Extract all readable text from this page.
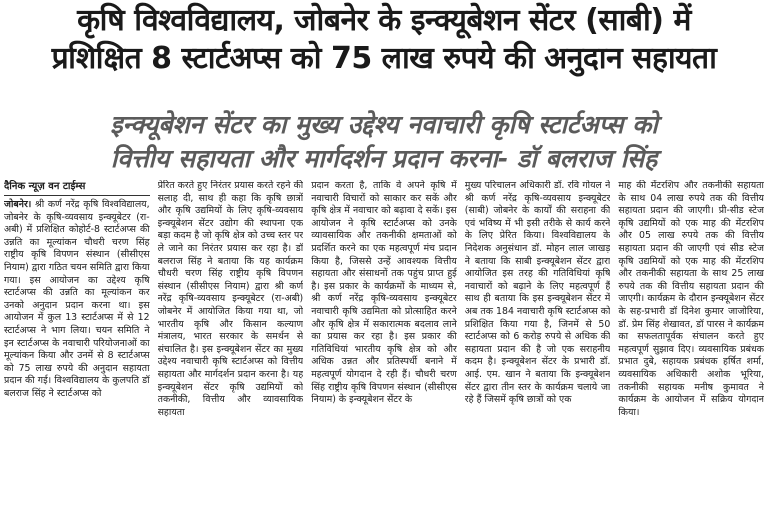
कृषि विश्वविद्यालय, जोबनेर के इन्क्यूबेशन सेंटर (साबी) में
प्रशिक्षित 8 स्टार्टअप्स को 75 लाख रुपये की अनुदान सहायता
इन्क्यूबेशन सेंटर का मुख्य उद्देश्य नवाचारी कृषि स्टार्टअप्स को
वित्तीय सहायता और मार्गदर्शन प्रदान करना- डॉ बलराज सिंह
दैनिक न्यूज़ वन टाईम्स

जोबनेर। श्री कर्ण नरेंद्र कृषि विश्वविद्यालय, जोबनेर के कृषि-व्यवसाय इन्क्यूबेटर (रा-अबी) में प्रशिक्षित कोहोर्ट-8 स्टार्टअप्स की उन्नति का मूल्यांकन चौधरी चरण सिंह राष्ट्रीय कृषि विपणन संस्थान (सीसीएस नियाम) द्वारा गठित चयन समिति द्वारा किया गया। इस आयोजन का उद्देश्य कृषि स्टार्टअप्स की उन्नति का मूल्यांकन कर उनको अनुदान प्रदान करना था। इस आयोजन में कुल 13 स्टार्टअप्स में से 12 स्टार्टअप्स ने भाग लिया। चयन समिति ने इन स्टार्टअप्स के नवाचारी परियोजनाओं का मूल्यांकन किया और उनमें से 8 स्टार्टअप्स को 75 लाख रुपये की अनुदान सहायता प्रदान की गई। विश्वविद्यालय के कुलपति डॉ बलराज सिंह ने स्टार्टअप्स को

प्रेरित करते हुए निरंतर प्रयास करते रहने की सलाह दी, साथ ही कहा कि कृषि छात्रों और कृषि उद्यमियों के लिए कृषि-व्यवसाय इन्क्यूबेशन सेंटर उद्योग की स्थापना एक बड़ा कदम है जो कृषि क्षेत्र को उच्च स्तर पर ले जाने का निरंतर प्रयास कर रहा है। डॉ बलराज सिंह ने बताया कि यह कार्यक्रम चौधरी चरण सिंह राष्ट्रीय कृषि विपणन संस्थान (सीसीएस नियाम) द्वारा श्री कर्ण नरेंद्र कृषि-व्यवसाय इन्क्यूबेटर (रा-अबी) जोबनेर में आयोजित किया गया था, जो भारतीय कृषि और किसान कल्याण मंत्रालय, भारत सरकार के समर्थन से संचालित है। इस इन्क्यूबेशन सेंटर का मुख्य उद्देश्य नवाचारी कृषि स्टार्टअप्स को वित्तीय सहायता और मार्गदर्शन प्रदान करना है। यह इन्क्यूबेशन सेंटर कृषि उद्यमियों को तकनीकी, वित्तीय और व्यावसायिक सहायता

प्रदान करता है, ताकि वे अपने कृषि में नवाचारी विचारों को साकार कर सकें और कृषि क्षेत्र में नवाचार को बढ़ावा दे सकें। इस आयोजन ने कृषि स्टार्टअप्स को उनके व्यावसायिक और तकनीकी क्षमताओं को प्रदर्शित करने का एक महत्वपूर्ण मंच प्रदान किया है, जिससे उन्हें आवश्यक वित्तीय सहायता और संसाधनों तक पहुंच प्राप्त हुई है। इस प्रकार के कार्यक्रमों के माध्यम से, श्री कर्ण नरेंद्र कृषि-व्यवसाय इन्क्यूबेटर नवाचारी कृषि उद्यमिता को प्रोत्साहित करने और कृषि क्षेत्र में सकारात्मक बदलाव लाने का प्रयास कर रहा है। इस प्रकार की गतिविधियां भारतीय कृषि क्षेत्र को और अधिक उन्नत और प्रतिस्पर्धी बनाने में महत्वपूर्ण योगदान दे रही हैं। चौधरी चरण सिंह राष्ट्रीय कृषि विपणन संस्थान (सीसीएस नियाम) के इन्क्यूबेशन सेंटर के

मुख्य परिचालन अधिकारी डॉ. रवि गोयल ने श्री कर्ण नरेंद्र कृषि-व्यवसाय इन्क्यूबेटर (साबी) जोबनेर के कार्यों की सराहना की एवं भविष्य में भी इसी तरीके से कार्य करने के लिए प्रेरित किया। विश्वविद्यालय के निदेशक अनुसंधान डॉ. मोहन लाल जाखड़ ने बताया कि साबी इन्क्यूबेशन सेंटर द्वारा आयोजित इस तरह की गतिविधियां कृषि नवाचारों को बढ़ाने के लिए महत्वपूर्ण हैं साथ ही बताया कि इस इन्क्यूबेशन सेंटर में अब तक 184 नवाचारी कृषि स्टार्टअप्स को प्रशिक्षित किया गया है, जिनमें से 50 स्टार्टअप्स को 6 करोड़ रुपये से अधिक की सहायता प्रदान की है जो एक सराहनीय कदम है। इन्क्यूबेशन सेंटर के प्रभारी डॉ. आई. एम. खान ने बताया कि इन्क्यूबेशन सेंटर द्वारा तीन स्तर के कार्यक्रम चलाये जा रहे हैं जिसमें कृषि छात्रों को एक

माह की मेंटरशिप और तकनीकी सहायता के साथ 04 लाख रुपये तक की वित्तीय सहायता प्रदान की जाएगी। प्री-सीड स्टेज कृषि उद्यमियों को एक माह की मेंटरशिप और 05 लाख रुपये तक की वित्तीय सहायता प्रदान की जाएगी एवं सीड स्टेज कृषि उद्यमियों को एक माह की मेंटरशिप और तकनीकी सहायता के साथ 25 लाख रुपये तक की वित्तीय सहायता प्रदान की जाएगी। कार्यक्रम के दौरान इन्क्यूबेशन सेंटर के सह-प्रभारी डॉ दिनेश कुमार जाजोरिया, डॉ. प्रेम सिंह शेखावत, डॉ पारस ने कार्यक्रम का सफलतापूर्वक संचालन करते हुए महत्वपूर्ण सुझाव दिए। व्यवसायिक प्रबंधक प्रभात दुबे, सहायक प्रबंधक हर्षित शर्मा, व्यवसायिक अधिकारी अशोक भूरिया, तकनीकी सहायक मनीष कुमावत ने कार्यक्रम के आयोजन में सक्रिय योगदान किया।
